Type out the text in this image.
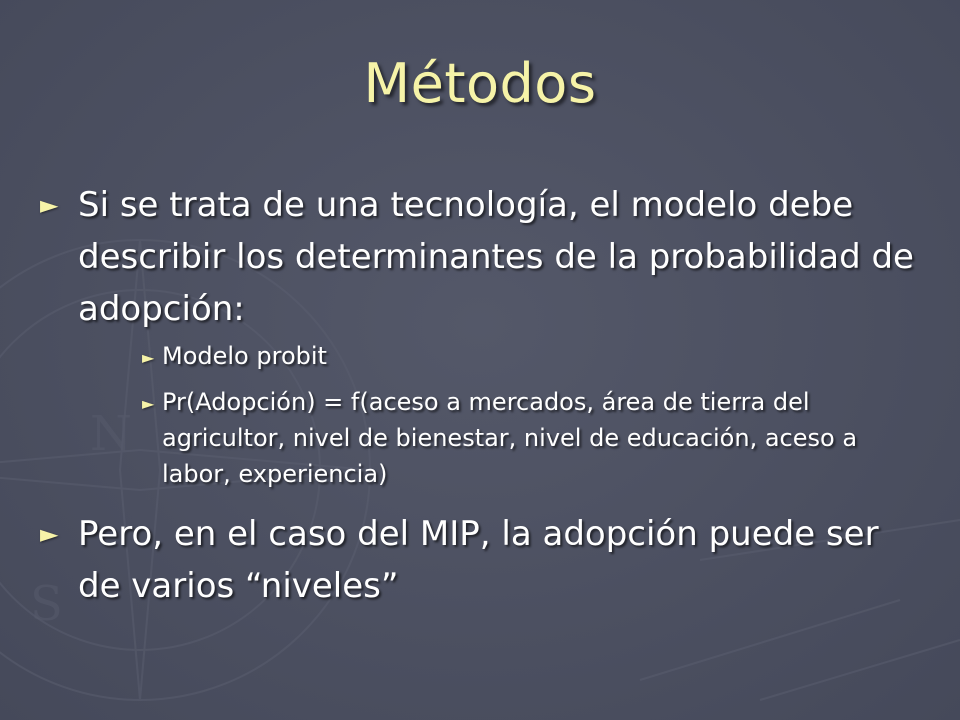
N
S
Métodos
► Si se trata de una tecnología, el modelo debe describir los determinantes de la probabilidad de adopción:
► Modelo probit
► Pr(Adopción) = f(aceso a mercados, área de tierra del agricultor, nivel de bienestar, nivel de educación, aceso a labor, experiencia)
► Pero, en el caso del MIP, la adopción puede ser de varios “niveles”
